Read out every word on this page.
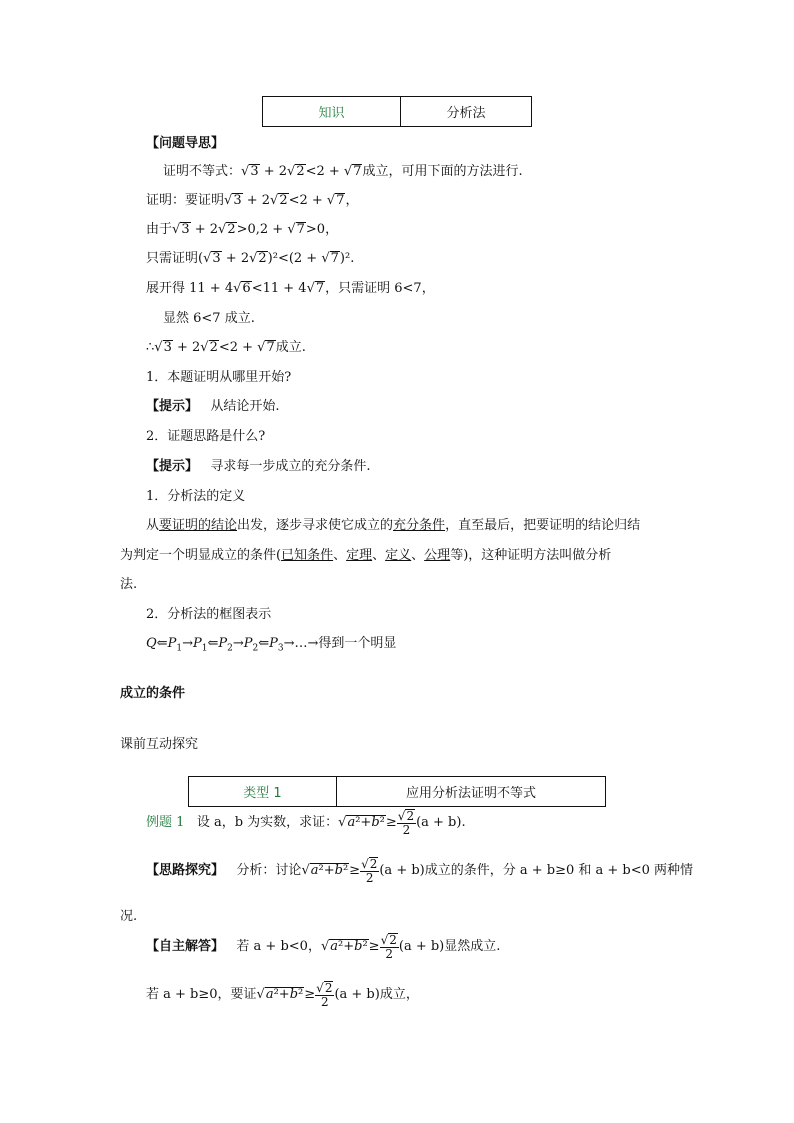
知识	分析法
【问题导思】
证明不等式：√3 + 2√2<2 + √7成立，可用下面的方法进行.
证明：要证明√3 + 2√2<2 + √7，
由于√3 + 2√2>0,2 + √7>0，
只需证明(√3 + 2√2)²<(2 + √7)².
展开得 11 + 4√6<11 + 4√7，只需证明 6<7，
显然 6<7 成立.
∴√3 + 2√2<2 + √7成立.
1．本题证明从哪里开始?
【提示】 从结论开始.
2．证题思路是什么?
【提示】 寻求每一步成立的充分条件.
1．分析法的定义
从要证明的结论出发，逐步寻求使它成立的充分条件，直至最后，把要证明的结论归结
为判定一个明显成立的条件(已知条件、定理、定义、公理等)，这种证明方法叫做分析
法.
2．分析法的框图表示
$Q⇐P_1\to P_1⇐P_2\to P_2⇐P_3\to\dots\to$得到一个明显
成立的条件
课前互动探究
类型 1	应用分析法证明不等式
例题 1 设 a，b 为实数，求证：$√a^2+b^2\ge \frac{√2}{2} (a + b)$.
【思路探究】 分析：讨论$√a^2+b^2\ge \frac{√2}{2} (a + b)$成立的条件，分 a + b≥0 和 a + b<0 两种情
况.
【自主解答】 若 a + b<0，$√a^2+b^2\ge \frac{√2}{2} (a + b)$显然成立.
若 a + b≥0，要证$√a^2+b^2\ge \frac{√2}{2} (a + b)$成立，
